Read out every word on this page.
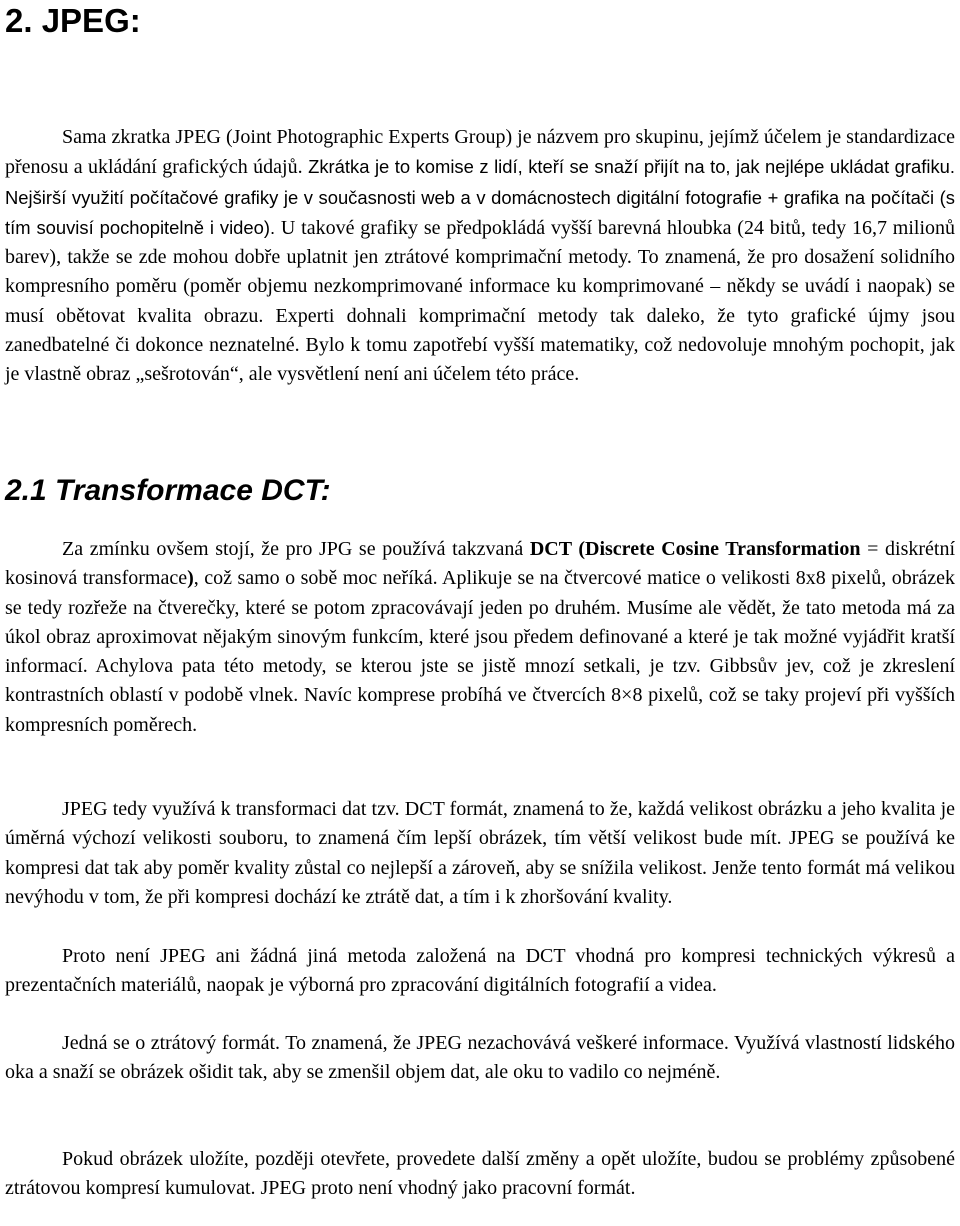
2. JPEG:

Sama zkratka JPEG (Joint Photographic Experts Group) je názvem pro skupinu, jejímž účelem je standardizace přenosu a ukládání grafických údajů. Zkrátka je to komise z lidí, kteří se snaží přijít na to, jak nejlépe ukládat grafiku. Nejširší využití počítačové grafiky je v současnosti web a v domácnostech digitální fotografie + grafika na počítači (s tím souvisí pochopitelně i video). U takové grafiky se předpokládá vyšší barevná hloubka (24 bitů, tedy 16,7 milionů barev), takže se zde mohou dobře uplatnit jen ztrátové komprimační metody. To znamená, že pro dosažení solidního kompresního poměru (poměr objemu nezkomprimované informace ku komprimované – někdy se uvádí i naopak) se musí obětovat kvalita obrazu. Experti dohnali komprimační metody tak daleko, že tyto grafické újmy jsou zanedbatelné či dokonce neznatelné. Bylo k tomu zapotřebí vyšší matematiky, což nedovoluje mnohým pochopit, jak je vlastně obraz „sešrotován“, ale vysvětlení není ani účelem této práce.

2.1 Transformace DCT:

Za zmínku ovšem stojí, že pro JPG se používá takzvaná DCT (Discrete Cosine Transformation = diskrétní kosinová transformace), což samo o sobě moc neříká. Aplikuje se na čtvercové matice o velikosti 8x8 pixelů, obrázek se tedy rozřeže na čtverečky, které se potom zpracovávají jeden po druhém. Musíme ale vědět, že tato metoda má za úkol obraz aproximovat nějakým sinovým funkcím, které jsou předem definované a které je tak možné vyjádřit kratší informací. Achylova pata této metody, se kterou jste se jistě mnozí setkali, je tzv. Gibbsův jev, což je zkreslení kontrastních oblastí v podobě vlnek. Navíc komprese probíhá ve čtvercích 8×8 pixelů, což se taky projeví při vyšších kompresních poměrech.

JPEG tedy využívá k transformaci dat tzv. DCT formát, znamená to že, každá velikost obrázku a jeho kvalita je úměrná výchozí velikosti souboru, to znamená čím lepší obrázek, tím větší velikost bude mít. JPEG se používá ke kompresi dat tak aby poměr kvality zůstal co nejlepší a zároveň, aby se snížila velikost. Jenže tento formát má velikou nevýhodu v tom, že při kompresi dochází ke ztrátě dat, a tím i k zhoršování kvality.

Proto není JPEG ani žádná jiná metoda založená na DCT vhodná pro kompresi technických výkresů a prezentačních materiálů, naopak je výborná pro zpracování digitálních fotografií a videa.

Jedná se o ztrátový formát. To znamená, že JPEG nezachovává veškeré informace. Využívá vlastností lidského oka a snaží se obrázek ošidit tak, aby se zmenšil objem dat, ale oku to vadilo co nejméně.

Pokud obrázek uložíte, později otevřete, provedete další změny a opět uložíte, budou se problémy způsobené ztrátovou kompresí kumulovat. JPEG proto není vhodný jako pracovní formát.
